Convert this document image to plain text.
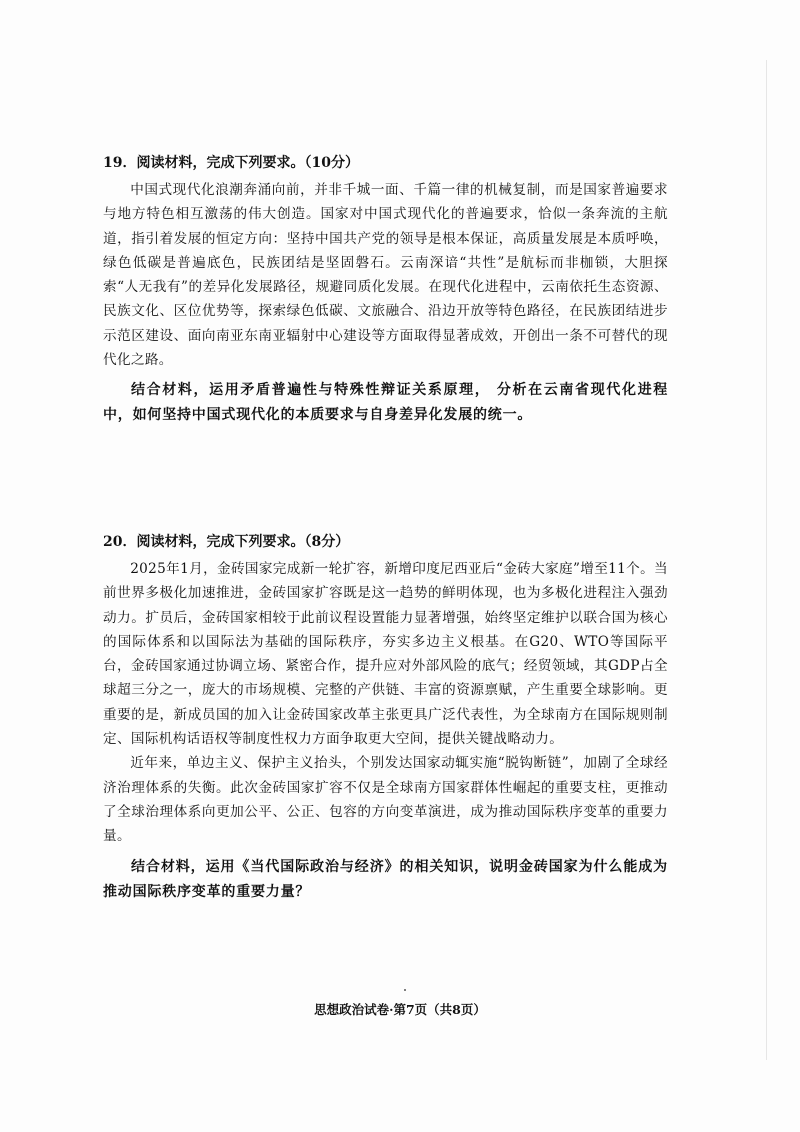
19．阅读材料，完成下列要求。（10分）

中国式现代化浪潮奔涌向前，并非千城一面、千篇一律的机械复制，而是国家普遍要求与地方特色相互激荡的伟大创造。国家对中国式现代化的普遍要求，恰似一条奔流的主航道，指引着发展的恒定方向：坚持中国共产党的领导是根本保证，高质量发展是本质呼唤，绿色低碳是普遍底色，民族团结是坚固磐石。云南深谙“共性”是航标而非枷锁，大胆探索“人无我有”的差异化发展路径，规避同质化发展。在现代化进程中，云南依托生态资源、民族文化、区位优势等，探索绿色低碳、文旅融合、沿边开放等特色路径，在民族团结进步示范区建设、面向南亚东南亚辐射中心建设等方面取得显著成效，开创出一条不可替代的现代化之路。

结合材料，运用矛盾普遍性与特殊性辩证关系原理， 分析在云南省现代化进程中，如何坚持中国式现代化的本质要求与自身差异化发展的统一。

20．阅读材料，完成下列要求。（8分）

2025年1月，金砖国家完成新一轮扩容，新增印度尼西亚后“金砖大家庭”增至11个。当前世界多极化加速推进，金砖国家扩容既是这一趋势的鲜明体现，也为多极化进程注入强劲动力。扩员后，金砖国家相较于此前议程设置能力显著增强，始终坚定维护以联合国为核心的国际体系和以国际法为基础的国际秩序，夯实多边主义根基。在G20、WTO等国际平台，金砖国家通过协调立场、紧密合作，提升应对外部风险的底气；经贸领域，其GDP占全球超三分之一，庞大的市场规模、完整的产供链、丰富的资源禀赋，产生重要全球影响。更重要的是，新成员国的加入让金砖国家改革主张更具广泛代表性，为全球南方在国际规则制定、国际机构话语权等制度性权力方面争取更大空间，提供关键战略动力。

近年来，单边主义、保护主义抬头，个别发达国家动辄实施“脱钩断链”，加剧了全球经济治理体系的失衡。此次金砖国家扩容不仅是全球南方国家群体性崛起的重要支柱，更推动了全球治理体系向更加公平、公正、包容的方向变革演进，成为推动国际秩序变革的重要力量。

结合材料，运用《当代国际政治与经济》的相关知识，说明金砖国家为什么能成为推动国际秩序变革的重要力量？

思想政治试卷·第7页（共8页）
